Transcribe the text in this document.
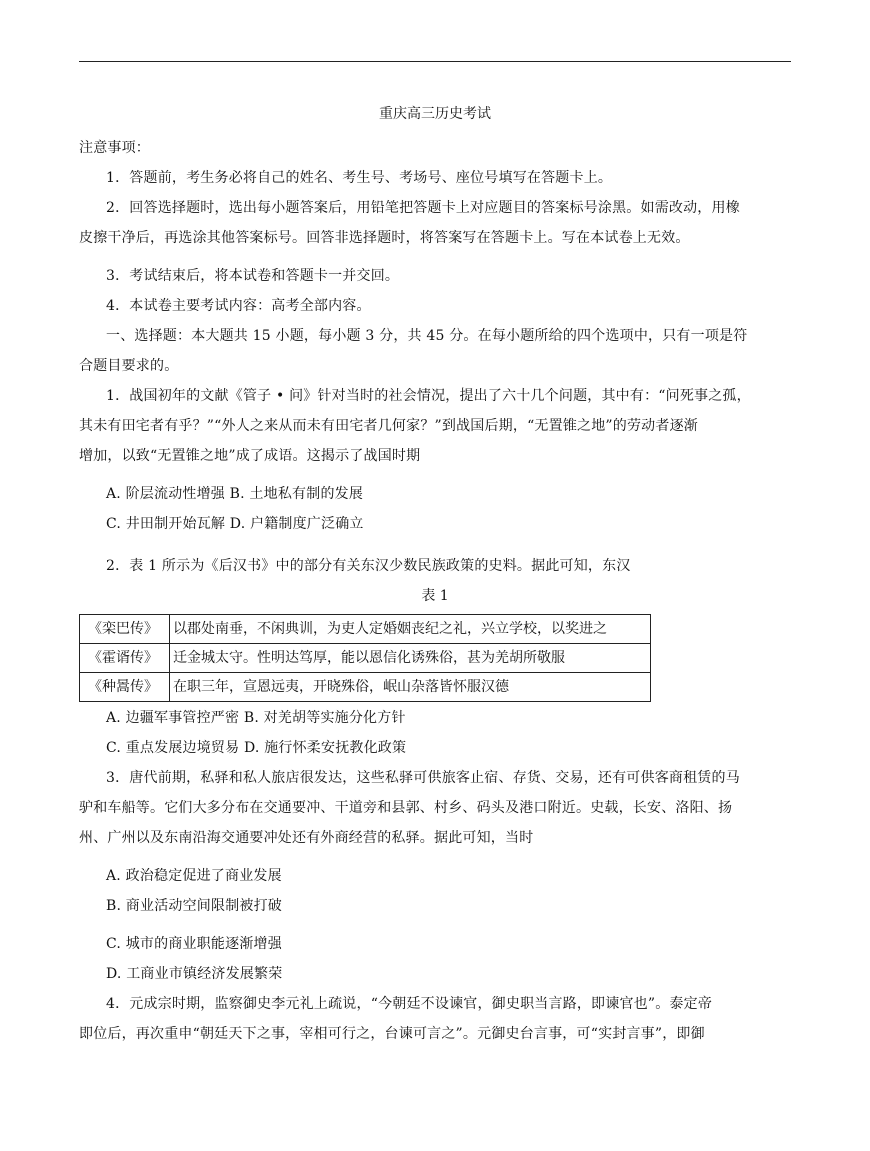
重庆高三历史考试
注意事项：
1．答题前，考生务必将自己的姓名、考生号、考场号、座位号填写在答题卡上。
2．回答选择题时，选出每小题答案后，用铅笔把答题卡上对应题目的答案标号涂黑。如需改动，用橡
皮擦干净后，再选涂其他答案标号。回答非选择题时，将答案写在答题卡上。写在本试卷上无效。
3．考试结束后，将本试卷和答题卡一并交回。
4．本试卷主要考试内容：高考全部内容。
一、选择题：本大题共 15 小题，每小题 3 分，共 45 分。在每小题所给的四个选项中，只有一项是符
合题目要求的。
1．战国初年的文献《管子 • 问》针对当时的社会情况，提出了六十几个问题，其中有：“问死事之孤，
其未有田宅者有乎？”“外人之来从而未有田宅者几何家？”到战国后期，“无置锥之地”的劳动者逐渐
增加，以致“无置锥之地”成了成语。这揭示了战国时期
A. 阶层流动性增强 B. 土地私有制的发展
C. 井田制开始瓦解 D. 户籍制度广泛确立
2．表 1 所示为《后汉书》中的部分有关东汉少数民族政策的史料。据此可知，东汉
表 1
《栾巴传》	以郡处南垂，不闲典训，为吏人定婚姻丧纪之礼，兴立学校，以奖进之
《霍谞传》	迁金城太守。性明达笃厚，能以恩信化诱殊俗，甚为羌胡所敬服
《种暠传》	在职三年，宣恩远夷，开晓殊俗，岷山杂落皆怀服汉德
A. 边疆军事管控严密 B. 对羌胡等实施分化方针
C. 重点发展边境贸易 D. 施行怀柔安抚教化政策
3．唐代前期，私驿和私人旅店很发达，这些私驿可供旅客止宿、存货、交易，还有可供客商租赁的马
驴和车船等。它们大多分布在交通要冲、干道旁和县郭、村乡、码头及港口附近。史载，长安、洛阳、扬
州、广州以及东南沿海交通要冲处还有外商经营的私驿。据此可知，当时
A. 政治稳定促进了商业发展
B. 商业活动空间限制被打破
C. 城市的商业职能逐渐增强
D. 工商业市镇经济发展繁荣
4．元成宗时期，监察御史李元礼上疏说，“今朝廷不设谏官，御史职当言路，即谏官也”。泰定帝
即位后，再次重申“朝廷天下之事，宰相可行之，台谏可言之”。元御史台言事，可“实封言事”，即御
